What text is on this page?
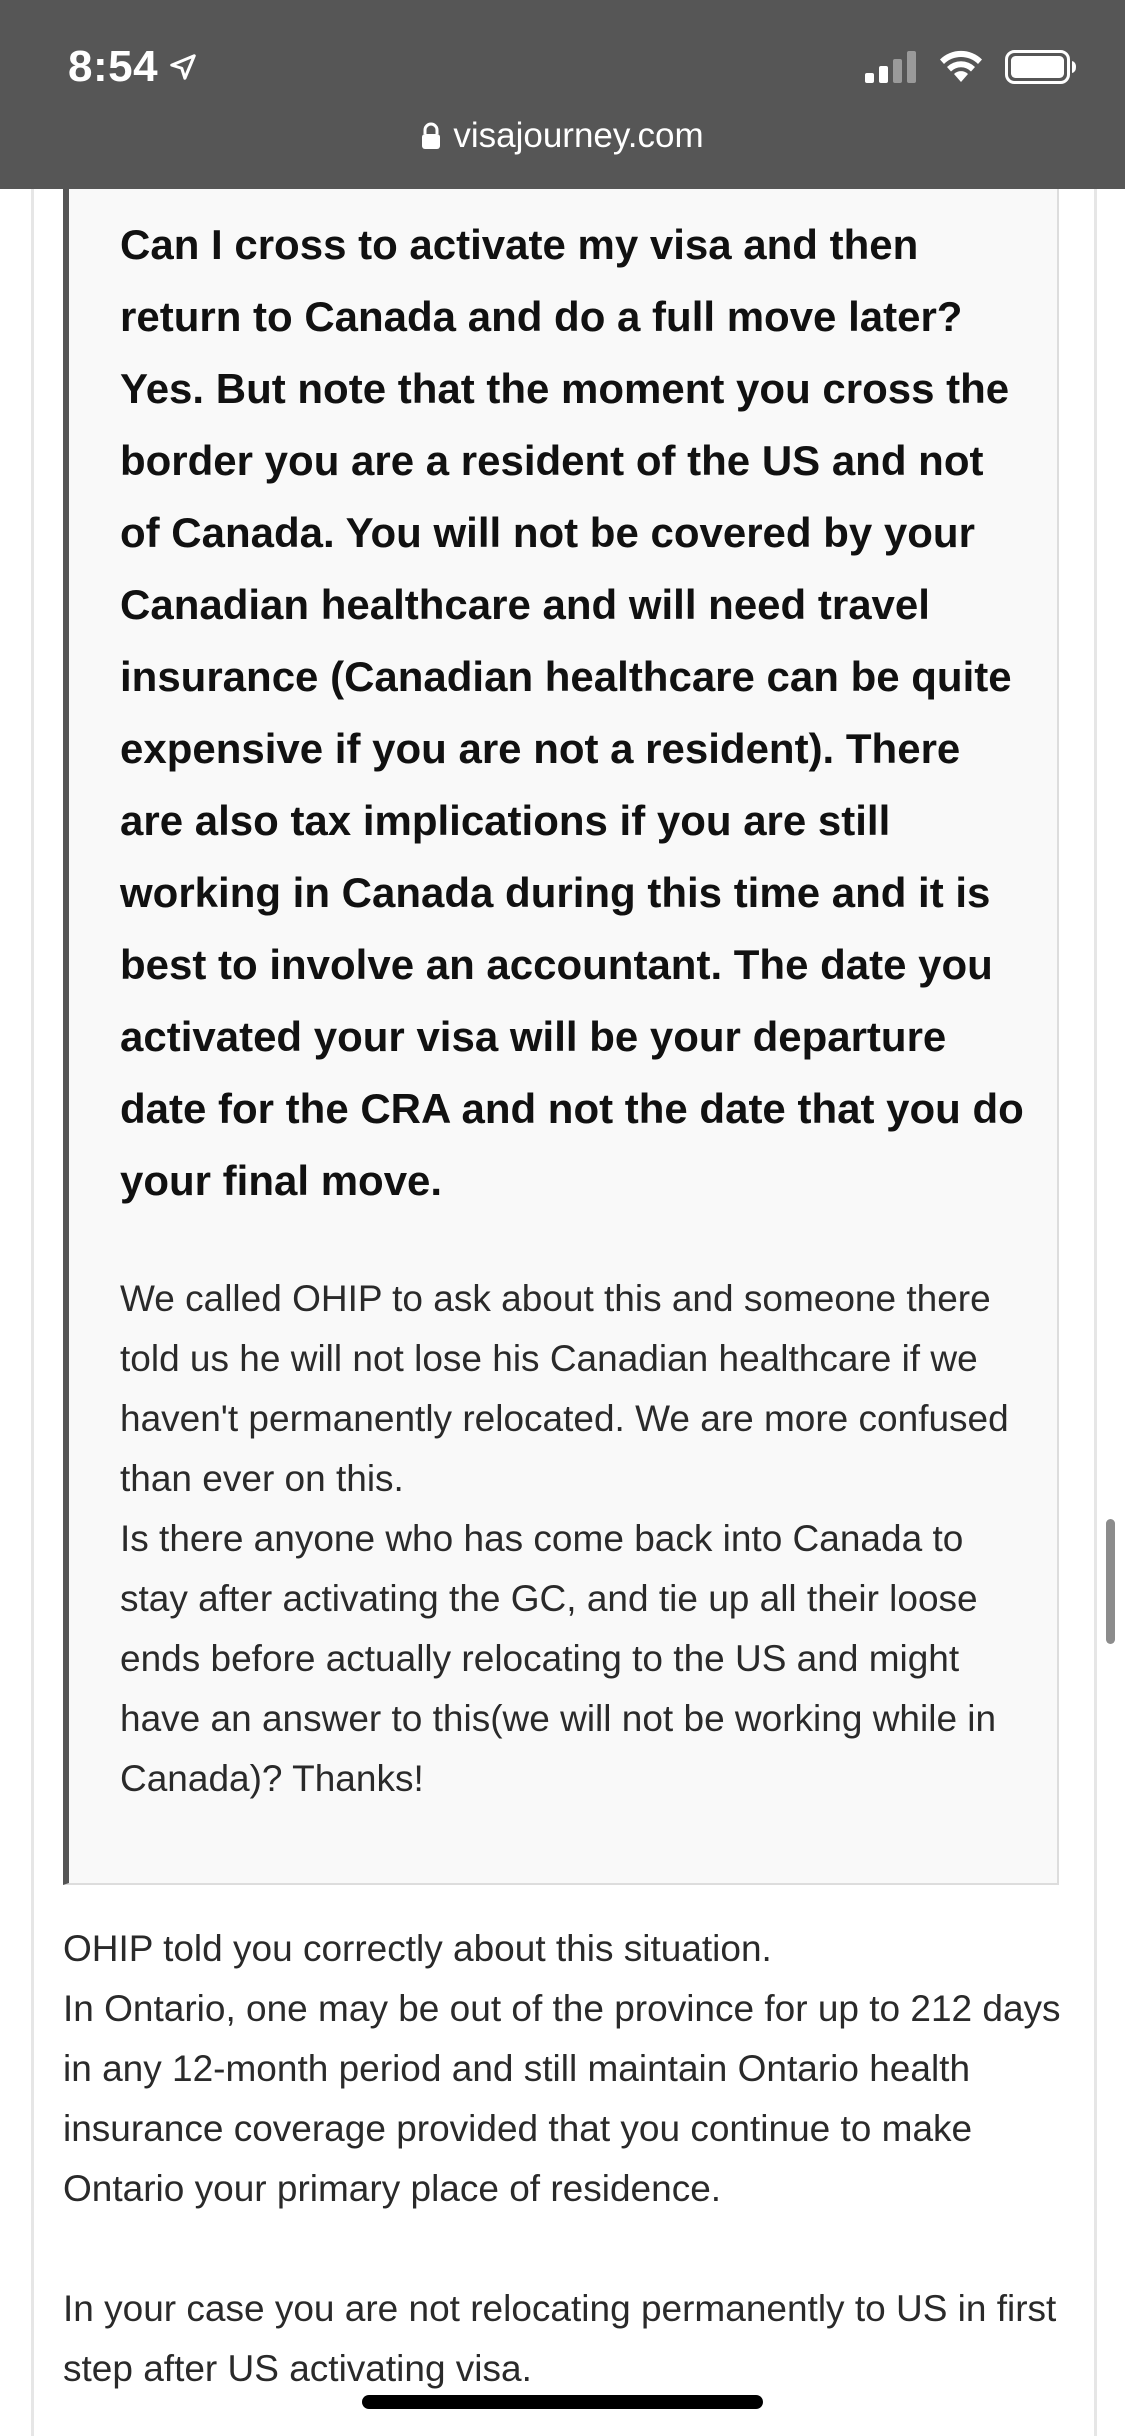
8:54
visajourney.com

Can I cross to activate my visa and then return to Canada and do a full move later? Yes. But note that the moment you cross the border you are a resident of the US and not of Canada. You will not be covered by your Canadian healthcare and will need travel insurance (Canadian healthcare can be quite expensive if you are not a resident). There are also tax implications if you are still working in Canada during this time and it is best to involve an accountant. The date you activated your visa will be your departure date for the CRA and not the date that you do your final move.

We called OHIP to ask about this and someone there told us he will not lose his Canadian healthcare if we haven't permanently relocated. We are more confused than ever on this.

Is there anyone who has come back into Canada to stay after activating the GC, and tie up all their loose ends before actually relocating to the US and might have an answer to this(we will not be working while in Canada)? Thanks!

OHIP told you correctly about this situation.

In Ontario, one may be out of the province for up to 212 days in any 12-month period and still maintain Ontario health insurance coverage provided that you continue to make Ontario your primary place of residence.

In your case you are not relocating permanently to US in first step after US activating visa.
